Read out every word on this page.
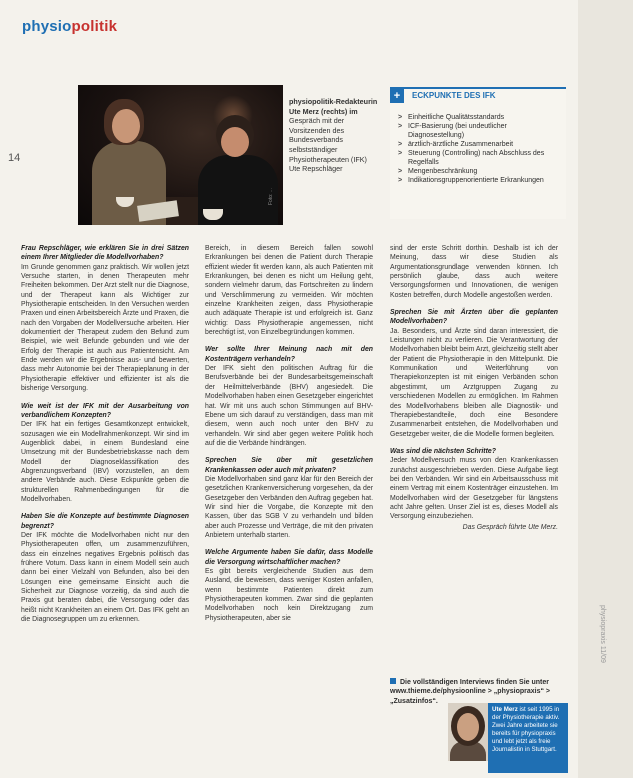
physiopraxis 11/09
physiopolitik
14
Foto: ...
physiopolitik-Redakteurin Ute Merz (rechts) im
Gespräch mit der Vorsitzenden des Bundesverbands selbstständiger Physiotherapeuten (IFK) Ute Repschläger
+	ECKPUNKTE DES IFK
> Einheitliche Qualitätsstandards
> ICF-Basierung (bei undeutlicher Diagnosestellung)
> ärztlich-ärztliche Zusammenarbeit
> Steuerung (Controlling) nach Abschluss des Regelfalls
> Mengenbeschränkung
> Indikationsgruppenorientierte Erkrankungen
Frau Repschläger, wie erklären Sie in drei Sätzen einem Ihrer Mitglieder die Modellvorhaben?

Im Grunde genommen ganz praktisch. Wir wollen jetzt Versuche starten, in denen Therapeuten mehr Freiheiten bekommen. Der Arzt stellt nur die Diagnose, und der Therapeut kann als Wichtiger zur Physiotherapie entscheiden. In den Versuchen werden Praxen und einen Arbeitsbereich Ärzte und Praxen, die nach den Vorgaben der Modellversuche arbeiten. Hier dokumentiert der Therapeut zudem den Befund zum Beispiel, wie weit Befunde gebunden und wie der Erfolg der Therapie ist auch aus Patientensicht. Am Ende werden wir die Ergebnisse aus- und bewerten, dass mehr Autonomie bei der Therapieplanung in der Physiotherapie effektiver und effizienter ist als die bisherige Versorgung.

Wie weit ist der IFK mit der Ausarbeitung von verbandlichem Konzepten?

Der IFK hat ein fertiges Gesamtkonzept entwickelt, sozusagen wie ein Modellrahmenkonzept. Wir sind im Augenblick dabei, in einem Bundesland eine Umsetzung mit der Bundesbetriebskasse nach dem Modell der Diagnoseklassifikation des Abgrenzungsverband (IBV) vorzustellen, an dem andere Verbände auch. Diese Eckpunkte geben die strukturellen Rahmenbedingungen für die Modellvorhaben.

Haben Sie die Konzepte auf bestimmte Diagnosen begrenzt?

Der IFK möchte die Modellvorhaben nicht nur den Physiotherapeuten offen, um zusammenzuführen, dass ein einzelnes negatives Ergebnis politisch das frühere Votum. Dass kann in einem Modell sein auch dann bei einer Vielzahl von Befunden, also bei den Lösungen eine gemeinsame Einsicht auch die Sicherheit zur Diagnose vorzeitig, da sind auch die Praxis gut beraten dabei, die Versorgung oder das heißt nicht Krankheiten an einem Ort. Das IFK geht an die Diagnosegruppen um zu erkennen.

Bereich, in diesem Bereich fallen sowohl Erkrankungen bei denen die Patient durch Therapie effizient wieder fit werden kann, als auch Patienten mit Erkrankungen, bei denen es nicht um Heilung geht, sondern vielmehr darum, das Fortschreiten zu lindern und Verschlimmerung zu vermeiden. Wir möchten einzelne Krankheiten zeigen, dass Physiotherapie auch adäquate Therapie ist und erfolgreich ist. Ganz wichtig: Dass Physiotherapie angemessen, nicht berechtigt ist, von Einzelbegründungen kommen.

Wer sollte Ihrer Meinung nach mit den Kostenträgern verhandeln?

Der IFK sieht den politischen Auftrag für die Berufsverbände bei der Bundesarbeitsgemeinschaft der Heilmittelverbände (BHV) angesiedelt. Die Modellvorhaben haben einen Gesetzgeber eingerichtet hat. Wir mit uns auch schon Stimmungen auf BHV-Ebene um sich darauf zu verständigen, dass man mit diesem, wenn auch noch unter den BHV zu verhandeln. Wir sind aber gegen weitere Politik hoch auf die die Verbände hindrängen.

Sprechen Sie über mit gesetzlichen Krankenkassen oder auch mit privaten?

Die Modellvorhaben sind ganz klar für den Bereich der gesetzlichen Krankenversicherung vorgesehen, da der Gesetzgeber den Verbänden den Auftrag gegeben hat. Wir sind hier die Vorgabe, die Konzepte mit den Kassen, über das SGB V zu verhandeln und bilden aber auch Prozesse und Verträge, die mit den privaten Anbietern unterhalb starten.

Welche Argumente haben Sie dafür, dass Modelle die Versorgung wirtschaftlicher machen?

Es gibt bereits vergleichende Studien aus dem Ausland, die beweisen, dass weniger Kosten anfallen, wenn bestimmte Patienten direkt zum Physiotherapeuten kommen. Zwar sind die geplanten Modellvorhaben noch kein Direktzugang zum Physiotherapeuten, aber sie

sind der erste Schritt dorthin. Deshalb ist ich der Meinung, dass wir diese Studien als Argumentationsgrundlage verwenden können. Ich persönlich glaube, dass auch weitere Versorgungsformen und Innovationen, die wenigen Kosten betreffen, durch Modelle angestoßen werden.

Sprechen Sie mit Ärzten über die geplanten Modellvorhaben?

Ja. Besonders, und Ärzte sind daran interessiert, die Leistungen nicht zu verlieren. Die Verantwortung der Modellvorhaben bleibt beim Arzt, gleichzeitig stellt aber der Patient die Physiotherapie in den Mittelpunkt. Die Kommunikation und Weiterführung von Therapiekonzepten ist mit einigen Verbänden schon abgestimmt, um Arztgruppen Zugang zu verschiedenen Modellen zu ermöglichen. Im Rahmen des Modellvorhabens bleiben alle Diagnostik- und Therapiebestandteile, doch eine Besondere Zusammenarbeit entstehen, die Modellvorhaben und Gesetzgeber weiter, die die Modelle formen begleiten.

Was sind die nächsten Schritte?

Jeder Modellversuch muss von den Krankenkassen zunächst ausgeschrieben werden. Diese Aufgabe liegt bei den Verbänden. Wir sind ein Arbeitsausschuss mit einem Vertrag mit einem Kostenträger einzustehen. Im Modellvorhaben wird der Gesetzgeber für längstens acht Jahre gelten. Unser Ziel ist es, dieses Modell als Versorgung einzubeziehen.

Das Gespräch führte Ute Merz.

Die vollständigen Interviews finden Sie unter www.thieme.de/physioonline > „physiopraxis“ > „Zusatzinfos“.
Ute Merz ist seit 1995 in der Physiotherapie aktiv. Zwei Jahre arbeitete sie bereits für physiopraxis und lebt jetzt als freie Journalistin in Stuttgart.
